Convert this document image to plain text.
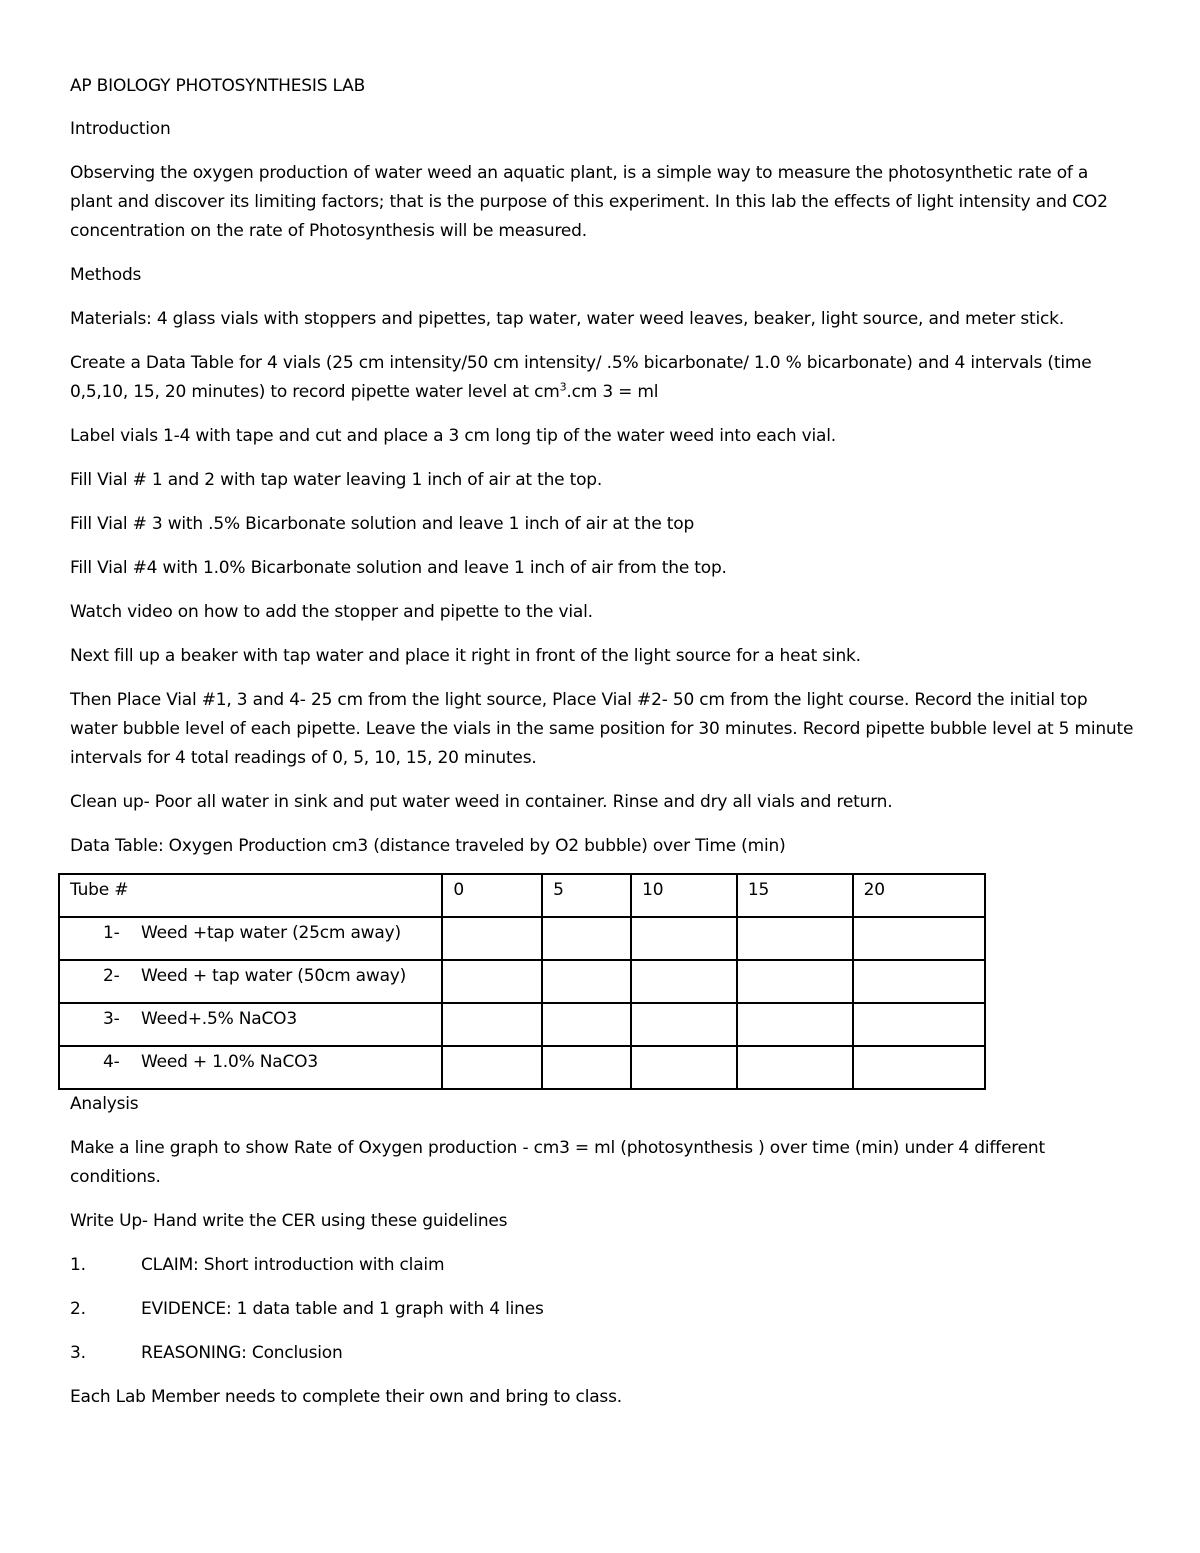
AP BIOLOGY PHOTOSYNTHESIS LAB

Introduction

Observing the oxygen production of water weed an aquatic plant, is a simple way to measure the photosynthetic rate of a plant and discover its limiting factors; that is the purpose of this experiment. In this lab the effects of light intensity and CO2 concentration on the rate of Photosynthesis will be measured.

Methods

Materials: 4 glass vials with stoppers and pipettes, tap water, water weed leaves, beaker, light source, and meter stick.

Create a Data Table for 4 vials (25 cm intensity/50 cm intensity/ .5% bicarbonate/ 1.0 % bicarbonate) and 4 intervals (time 0,5,10, 15, 20 minutes) to record pipette water level at $cm^3.cm$ 3 = ml

Label vials 1-4 with tape and cut and place a 3 cm long tip of the water weed into each vial.

Fill Vial # 1 and 2 with tap water leaving 1 inch of air at the top.

Fill Vial # 3 with .5% Bicarbonate solution and leave 1 inch of air at the top

Fill Vial #4 with 1.0% Bicarbonate solution and leave 1 inch of air from the top.

Watch video on how to add the stopper and pipette to the vial.

Next fill up a beaker with tap water and place it right in front of the light source for a heat sink.

Then Place Vial #1, 3 and 4- 25 cm from the light source, Place Vial #2- 50 cm from the light course. Record the initial top water bubble level of each pipette. Leave the vials in the same position for 30 minutes. Record pipette bubble level at 5 minute intervals for 4 total readings of 0, 5, 10, 15, 20 minutes.

Clean up- Poor all water in sink and put water weed in container. Rinse and dry all vials and return.

Data Table: Oxygen Production cm3 (distance traveled by O2 bubble) over Time (min)

Tube #	0	5	10	15	20

1- Weed +tap water (25cm away)					

2- Weed + tap water (50cm away)					

3- Weed+.5% NaCO3					

4- Weed + 1.0% NaCO3					

Analysis

Make a line graph to show Rate of Oxygen production - cm3 = ml (photosynthesis ) over time (min) under 4 different conditions.

Write Up- Hand write the CER using these guidelines

1.	CLAIM: Short introduction with claim

2.	EVIDENCE: 1 data table and 1 graph with 4 lines

3.	REASONING: Conclusion

Each Lab Member needs to complete their own and bring to class.
